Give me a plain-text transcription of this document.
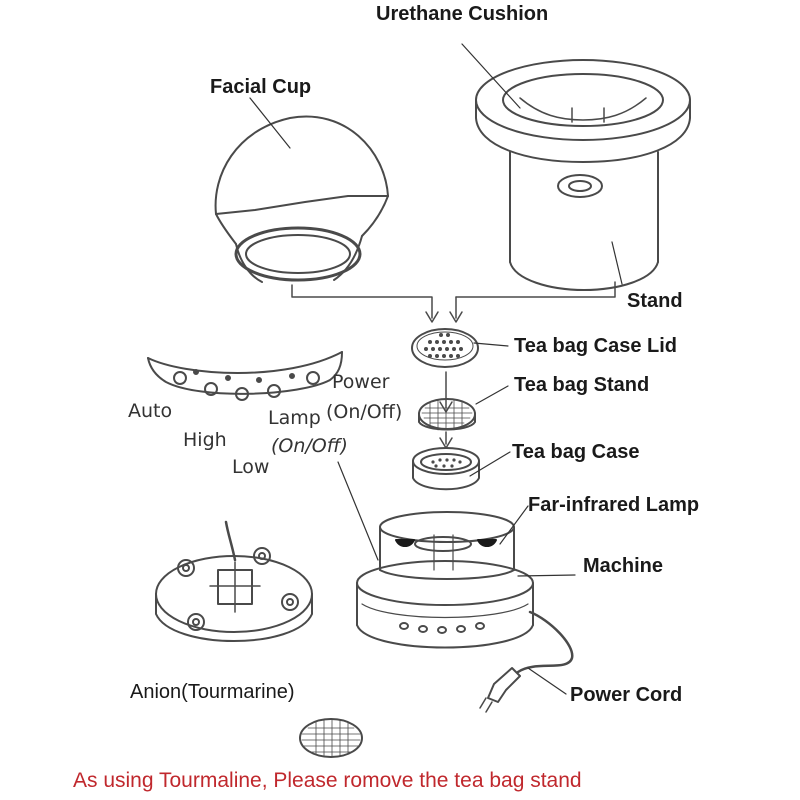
Urethane Cushion
Facial Cup
Stand
Tea bag Case Lid
Tea bag Stand
Tea bag Case
Far-infrared Lamp
Machine
Power Cord
Anion(Tourmarine)
Power
(On/Off)
Auto
High
Low
Lamp
(On/Off)
As using Tourmaline, Please romove the tea bag stand
